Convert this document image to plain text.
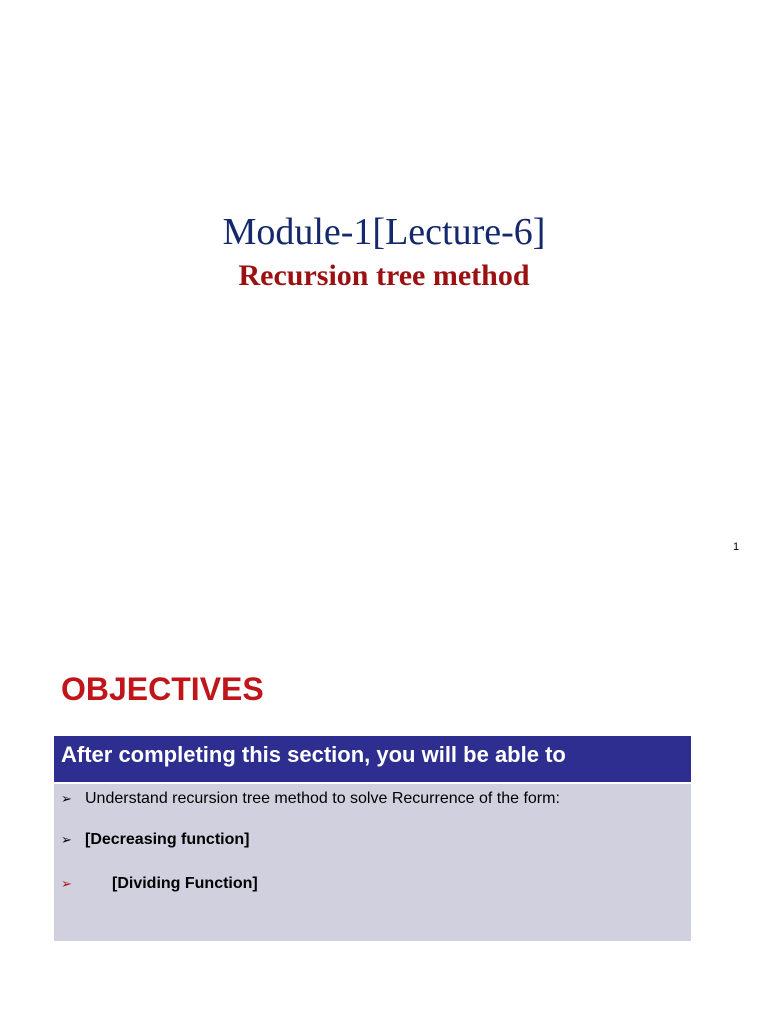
Module-1[Lecture-6]
Recursion tree method
1
OBJECTIVES
After completing this section, you will be able to
➢ Understand recursion tree method to solve Recurrence of the form:
➢ [Decreasing function]
➢	[Dividing Function]
